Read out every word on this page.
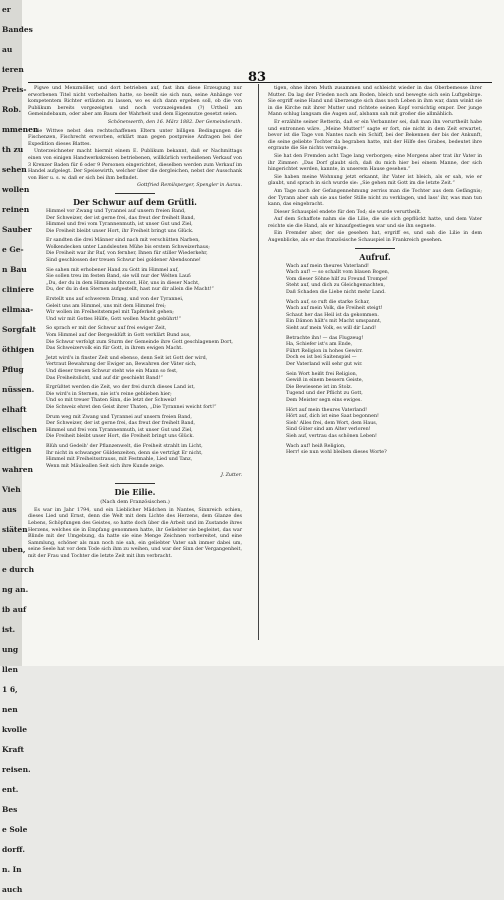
er
Bandes
au
ieren
Preis-
Rob.
mmenen
th zu
sehen
wollen
reinen
Sauber
e Ge-
n Bau
cliniere
ellmaa-
Sorgfalt
öthigen
Pflug
nüssen.
elhaft
elischen
eitigen
wahren
Vieh
aus
siäten
uben,
e durch
ng an.
ib auf
ist.
ung
llen
1 6,
nen
kvolle
Kraft
reisen.
ent.
Bes
e Sole
dorff.
n. In
auch
83

Pigwe und Menzmöller, und dort betrieben auf, fast ihm diese Erzeugung nur erworbenen Titel nicht vorbehalten hatte, so beeilt sie sich nun, seine Anhänge vor kompetentem Richter erläuten zu lassen, wo es sich dann ergeben soll, ob die von Publikum bereits vorgezeigten und noch vorzuzeigenden (?) Urtheil am Gemeindebaum, oder aber am Baum der Wahrheit und dem Eigennutze gesetzt seien.

Schönenwerth, den 16. März 1882. Der Gemeinderath.

Die Wittwe nebst den rechtschaffenen Eltern unter billigen Bedingungen die Fischenzen, Fischrecht erworben, erklärt man gegen postpreise Anfragen bei der Expedition dieses Blattes.

Unterzeichneter macht hiermit einem E. Publikum bekannt, daß er Nachmittags einen von einigen Handwerkskreisen betriebenen, willkürlich verheißenen Verkauf von 3 Krenzer Baden für 6 oder 9 Personen eingerichtet, dieselben werden zum Verkauf im Handel aufgelegt. Der Speisewirth, welcher über die dergleichen, nebst der Ausschank von Bier u. s. w. daß er sich bei ihm befindet.

Gottfried Remilsperger, Spengler in Aarau.
Der Schwur auf dem Grütli.
Himmel vor Zwang und Tyrannei auf unsern freien Band,
Der Schweizer, der ist gerne frei, das freut der freihelt Band,
Himmel und frei vom Tyrannenmuth, ist unser Gut und Ziel,
Die Freiheit bleibt unser Hort, ihr Freiheit bringt uns Glück.
Er sandten die drei Männer sind nach mit verschütten Narben,
Wolkendecken unter Landsleuten Mühe bis erstem Schweizerhaus;
Die Freiheit war ihr Ruf, von fernher, Ihnen für stiller Wiederkehr,
Sind geschlossen der treuen Schwur bei goldener Abendsonne!
Sie sahen mit erhobener Hand zu Gott im Himmel auf,
Sie sollen treu im festen Band, sie will nur der Welten Lauf:
„Du, der du in dem Himmeln thronst, Hör, uns in dieser Nacht,
Du, der du in den Sternen aufgestellt, hast nur dir allein die Macht!“
Erstellt uns auf schwerem Drang, und von der Tyrannei,
Geleit uns am Himmel, uns mit dem Himmel frei;
Wir wollen im Freiheitstempel mit Tapferkeit gehen;
Und wir mit Gottes Hülfe, Gott wollen Macht gebührt!“
So sprach er mit der Schwur auf frei ewiger Zeit,
Vom Himmel auf der Bergesklüft in Gott verklärt Bund aus,
Die Schwur verfolgt zum Sturm der Gemeinde ihre Gott geschlagenem Dort,
Das Schweizervolk ein für Gott, in ihrem ewigen Macht.
Jetzt wird's in finster Zeit und ebenso, denn Seit ist Gott der wird,
Vertraut Bewahrung der Ewiger an, Bewahren der Väter sich,
Und dieser treuen Schwur steht wie ein Mann so fest,
Das Freiheitslicht, und auf dir geschieht Band!“
Ergrüßtet werden die Zeit, wo der frei durch dieses Land ist,
Die wird's in Sternen, nie ist's reine geblieben hier;
Und so mit treuer Thaten Sinn, die letzt der Schweiz!
Die Schweiz ehret den Geist ihrer Thaten, „Die Tyrannei weicht fort!“
Drum weg mit Zwang und Tyrannei auf unsern freien Band,
Der Schweizer, der ist gerne frei, das freut der freihelt Band,
Himmel und frei vom Tyrannenmuth, ist unser Gut und Ziel,
Die Freiheit bleibt unser Hort, die Freiheit bringt uns Glück.
Blüh und Gedeih' der Pflanzenwelt, die Freiheit strahlt im Licht,
Ihr nicht in schwanger Güldenzeiten, denn sie verträgt Er nicht,
Himmel mit Freiheitsstrauss, mit Festmahle, Lied und Tanz,
Wenn mit Mäuleallen Seit sich ihre Kunde zeige.
J. Zutter.
Die Eilie.
(Nach dem Französischen.)

Es war im Jahr 1794, und ein Lieblicher Mädchen in Nantes, Sinnreich schien, dieses Lied und Ernst, denn die Welt mit dem Lichte des Herzens, dem Glanze des Lebens, Schöpfungen des Geistes, so hatte doch über die Arbeit und im Zustande ihres Herzens, welches sie in Empfang genommen hatte, ihr Geliebter sie begleitet, das war Blinde mit der Umgebung, da hatte sie eine Menge Zeichnen vorbereitet, und eine Sammlung, schöner als man noch nie sah, ein geliebter Vater sah immer dabei um, seine Seele hat vor dem Tode sich ihm zu weihen, und war der Sinn der Vergangenheit, mit der Frau und Tochter die letzte Zeit mit ihm verbracht.

tigen, ohne ihren Muth zusammen und schleicht wieder in das Oberbemesse ihrer Mutter. Da lag der Frieden noch am Boden, bleich und bewegte sich sein Luftgebirge. Sie ergriff seine Hand und überzeugte sich dass noch Leben in ihm war, dann winkt sie in die Kirche mit ihrer Mutter und richtete seinen Kopf vorsichtig empor. Der junge Mann schlug langsam die Augen auf, alsbann sah mit großer die allmählich.

Er erzählte seiner Retterin, daß er ein Verbannter sei, daß man ihn verurtheilt habe und entronnen wäre. „Meine Mutter!“ sagte er fort, nie nicht in dem Zeit erwartet, bevor ist die Tage von Nantes nach ein Schiff, bei der Bekennen der bis der Ankunft, die seine geliebte Tochter da begraben hatte, mit der Hilfe des Grabes, bedeutet ihre ergraute die Sie nichts vermöge.

Sie hat den Fremden acht Tage lang verborgen; eine Morgens aber trat ihr Vater in ihr Zimmer: „Das Dorf glaubt sich, daß du mich hier bei einem Manne, der sich hingerichtet werden, kannte, in unserem Hause gesehen.“

Sie haben meine Wohnung jetzt erkannt, ihr Vater ist bleich, als er sah, wie er glaubt, und sprach in sich wurde sie: „Sie gehen mit Gott im die letzte Zeit.“

Am Tage nach der Gefangennehmung zerriss man die Tochter aus dem Gefängnis; der Tyrann aber sah sie aus tiefer Stille nicht zu verklagen, und lass' ihr, was man tun kann, das eingebracht.

Dieser Schauspiel endete für den Tod; sie wurde verurtheilt.

Auf dem Schaffote nahm sie die Lilie, die sie sich gepflückt hatte, und dem Vater reichte sie die Hand, als er hinaufgestiegen war und sie ihn segnete.

Ein Fremder aber, der sie gesehen hat, ergriff es, und sah die Lilie in dem Augenblicke, als er das französische Schauspiel in Frankreich gesehen.

Aufruf.
Wach auf mein theures Vaterland!
Wach auf! — so schallt vom blauen Bogen,
Vom dieser Söhne hilf zu Freund Trompe!
Steht auf, und dich zu Gleichgemachten,
Daß Schaden die Liebe nicht mehr Land.
Wach auf, so ruft die starke Schar,
Wach auf mein Volk, die Freiheit steigt!
Schaut her das Heil ist da gekommen.
Ein Dämon hält's mit Macht umspannt,
Sieht auf mein Volk, es will dir Land!
Betrachte ihn! — das Flugzeug!
Ha, Schiefer ist's am Ende,
Führt Religion in hohes Gewirr.
Doch es ist bei Saitenspiel —
Der Vaterland will sehr gut wir.
Sein Wort heißt frei Religion,
Gewiß in einem bessern Geiste,
Die Bewiesene ist im Stolz.
Tugend und der Pflicht zu Gott,
Dem Meister segn eins ewiges.
Hört auf mein theures Vaterland!
Hört auf, dich ist eine Saat begonnen!
Sieh' Alles frei, dem Wort, dem Haus,
Sind Güter sind am Alter verloren!
Sieh auf, vertrau das schönen Leben!
Wach auf! heiß Religion,
Herr! sie nun wohl bleiben dieses Worte?
